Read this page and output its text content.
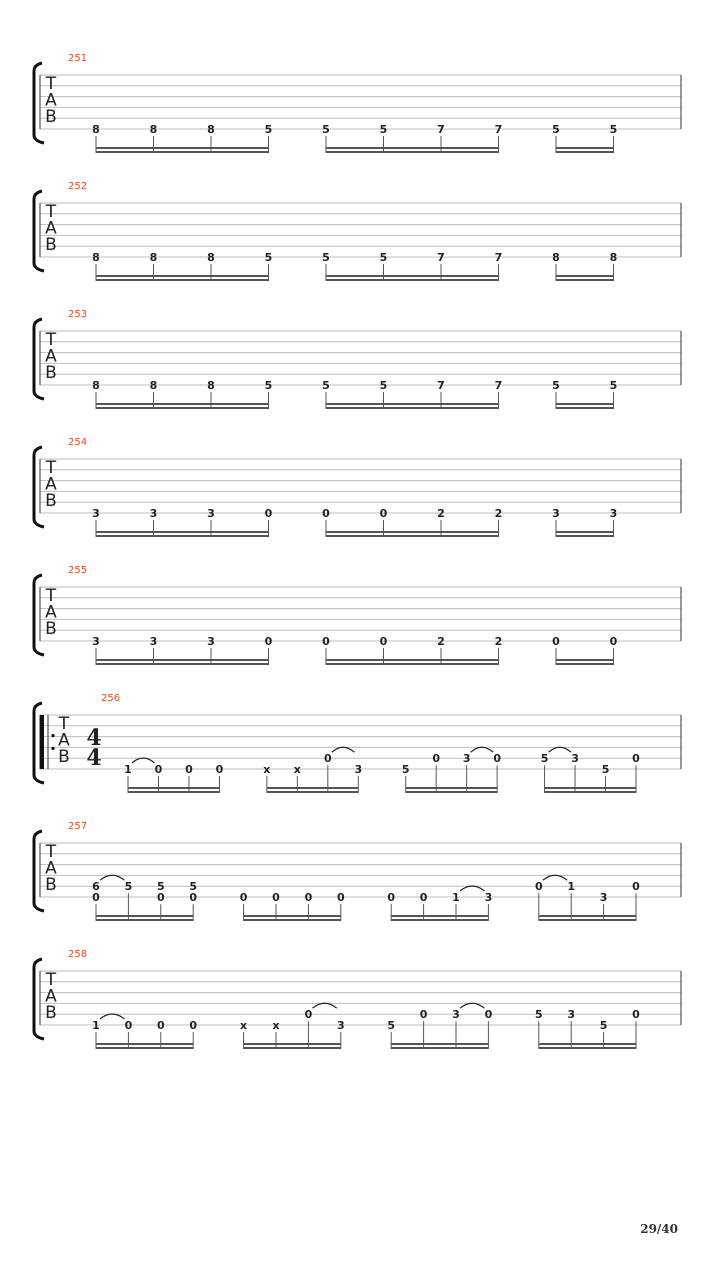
T
A
B
251
8	8	8	5	5	5	7	7	5	5
T
A
B
252
8	8	8	5	5	5	7	7	8	8
T
A
B
253
8	8	8	5	5	5	7	7	5	5
T
A
B
254
3	3	3	0	0	0	2	2	3	3
T
A
B
255
3	3	3	0	0	0	2	2	0	0
T
A
B
4
4
256
1 0 0 0	x x
0
3	5
0 3 0	5 3
5
0
T
A
B
257
0
6 5
0
5
0
5
0 0 0 0	0 0 1 3
0 1
3
0
T
A
B
258
1 0 0 0	x x
0
3	5
0 3 0	5 3
5
0
29/40
